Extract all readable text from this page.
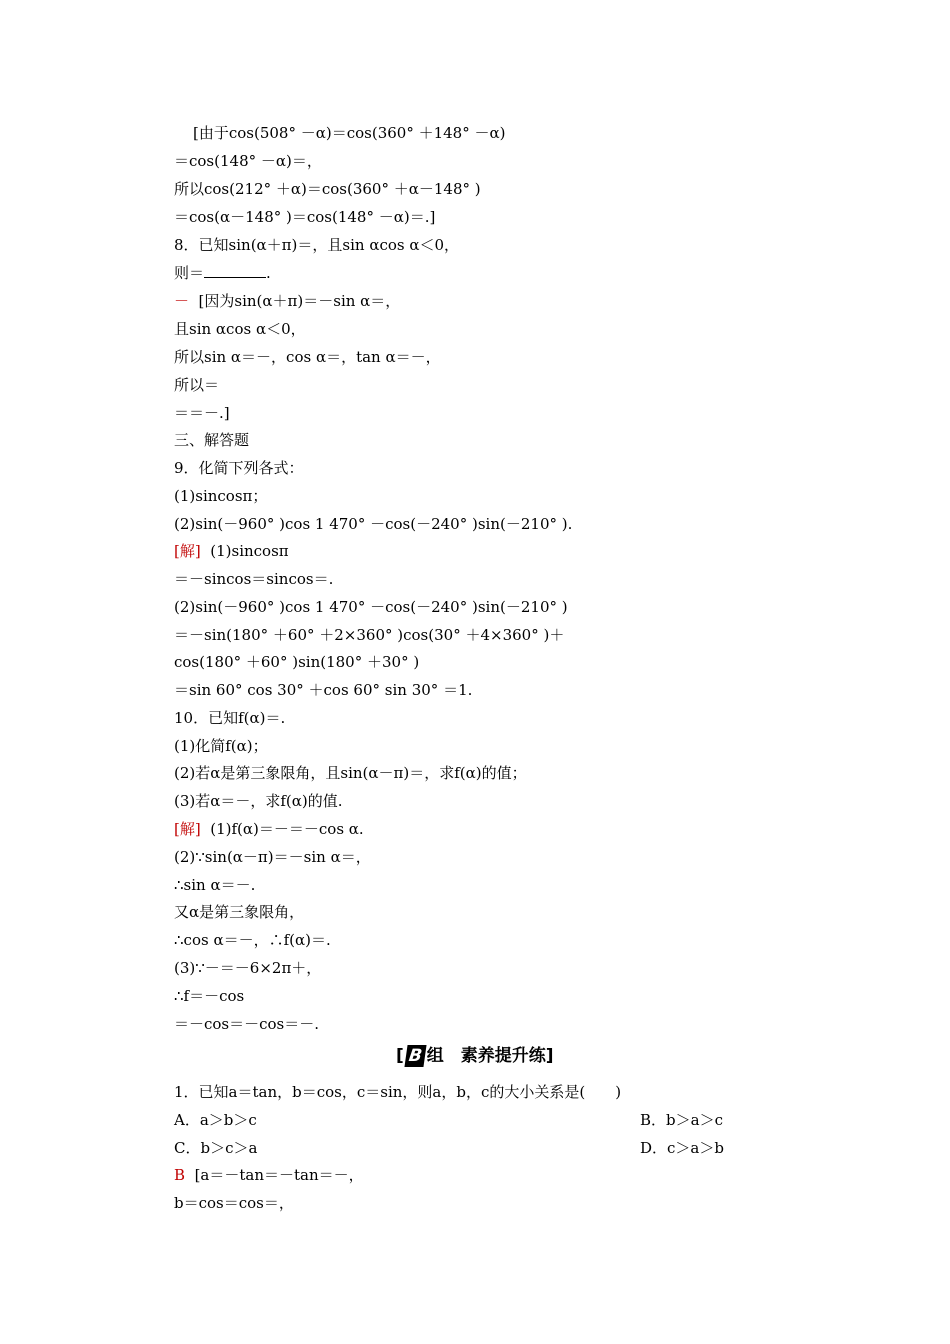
[由于cos(508° －α)＝cos(360° ＋148° －α)
＝cos(148° －α)＝，
所以cos(212° ＋α)＝cos(360° ＋α－148° )
＝cos(α－148° )＝cos(148° －α)＝.]
8．已知sin(α＋π)＝，且sin αcos α＜0，
则＝	.
－  [因为sin(α＋π)＝－sin α＝，
且sin αcos α＜0，
所以sin α＝－，cos α＝，tan α＝－，
所以＝
＝＝－.]
三、解答题
9．化简下列各式：
(1)sincosπ；
(2)sin(－960° )cos 1 470° －cos(－240° )sin(－210° ).
[解]  (1)sincosπ
＝－sincos＝sincos＝.
(2)sin(－960° )cos 1 470° －cos(－240° )sin(－210° )
＝－sin(180° ＋60° ＋2×360° )cos(30° ＋4×360° )＋
cos(180° ＋60° )sin(180° ＋30° )
＝sin 60° cos 30° ＋cos 60° sin 30° ＝1.
10．已知f(α)＝.
(1)化简f(α)；
(2)若α是第三象限角，且sin(α－π)＝，求f(α)的值；
(3)若α＝－，求f(α)的值.
[解]  (1)f(α)＝－＝－cos α.
(2)∵sin(α－π)＝－sin α＝，
∴sin α＝－.
又α是第三象限角，
∴cos α＝－，∴f(α)＝.
(3)∵－＝－6×2π＋，
∴f＝－cos
＝－cos＝－cos＝－.
[ B 组　素养提升练]
1．已知a＝tan，b＝cos，c＝sin，则a，b，c的大小关系是(　　)
A．a＞b＞c	B．b＞a＞c
C．b＞c＞a	D．c＞a＞b
B  [a＝－tan＝－tan＝－，
b＝cos＝cos＝，
